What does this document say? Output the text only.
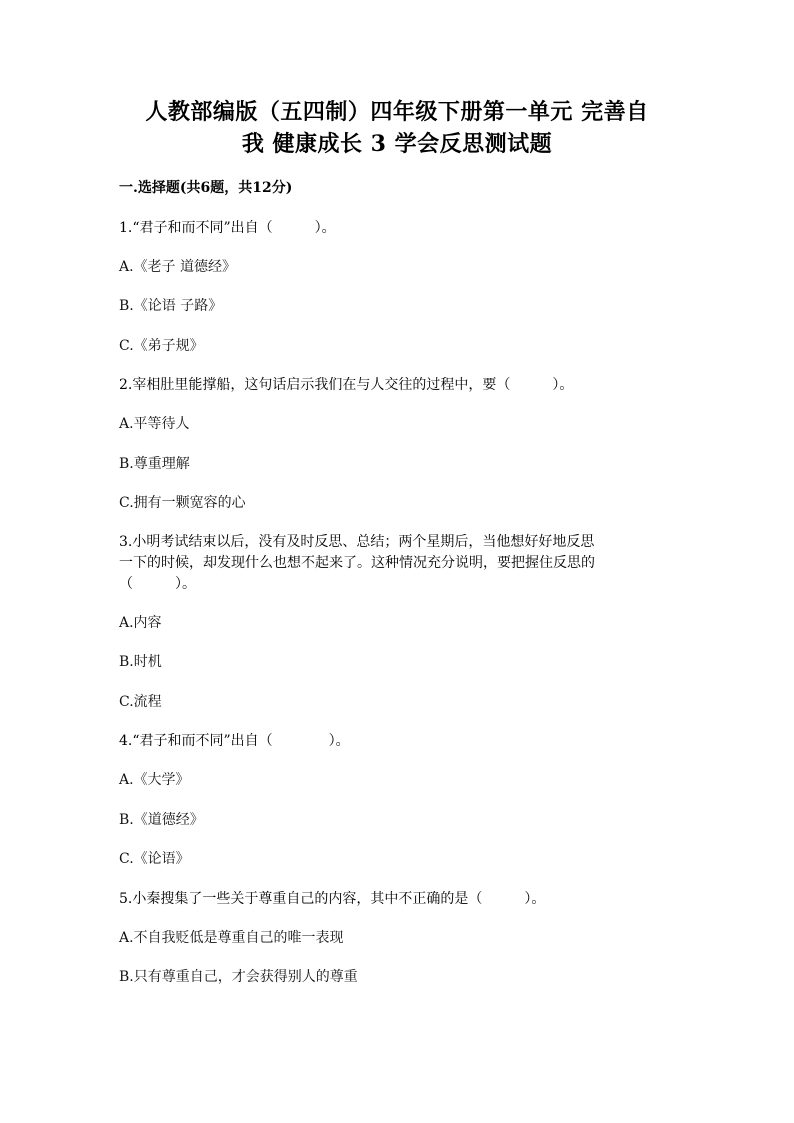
人教部编版（五四制）四年级下册第一单元 完善自
我 健康成长 3 学会反思测试题
一.选择题(共6题，共12分)
1.“君子和而不同”出自（　　　）。
A.《老子 道德经》
B.《论语 子路》
C.《弟子规》
2.宰相肚里能撑船，这句话启示我们在与人交往的过程中，要（　　　）。
A.平等待人
B.尊重理解
C.拥有一颗宽容的心
3.小明考试结束以后，没有及时反思、总结；两个星期后，当他想好好地反思
一下的时候，却发现什么也想不起来了。这种情况充分说明，要把握住反思的
（　　　）。
A.内容
B.时机
C.流程
4.“君子和而不同”出自（　　　　）。
A.《大学》
B.《道德经》
C.《论语》
5.小秦搜集了一些关于尊重自己的内容，其中不正确的是（　　　）。
A.不自我贬低是尊重自己的唯一表现
B.只有尊重自己，才会获得别人的尊重
